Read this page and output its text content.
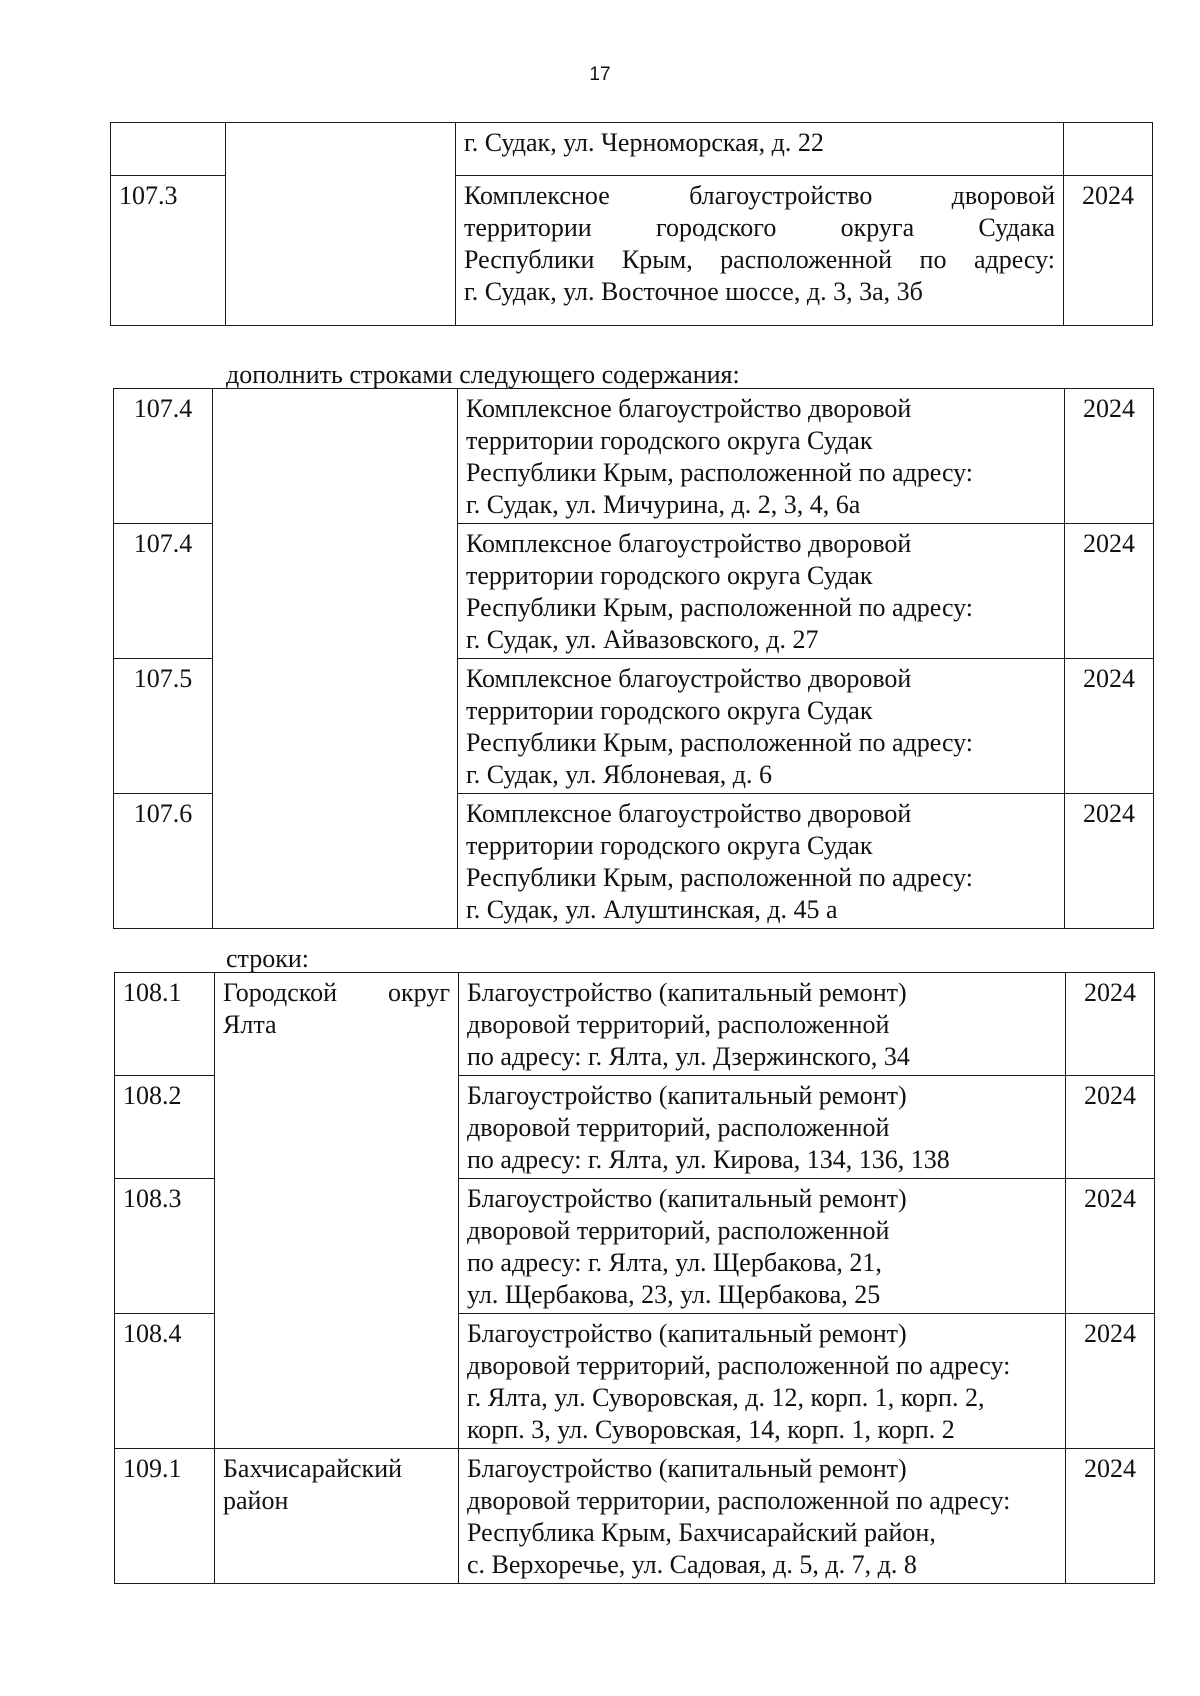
17

		г. Судак, ул. Черноморская, д. 22	

107.3		Комплексное благоустройство дворовой
территории городского округа Судака
Республики Крым, расположенной по адресу:
г. Судак, ул. Восточное шоссе, д. 3, 3а, 3б	2024
дополнить строками следующего содержания:
107.4		Комплексное благоустройство дворовой
территории городского округа Судак
Республики Крым, расположенной по адресу:
г. Судак, ул. Мичурина, д. 2, 3, 4, 6а	2024
107.4		Комплексное благоустройство дворовой
территории городского округа Судак
Республики Крым, расположенной по адресу:
г. Судак, ул. Айвазовского, д. 27	2024
107.5		Комплексное благоустройство дворовой
территории городского округа Судак
Республики Крым, расположенной по адресу:
г. Судак, ул. Яблоневая, д. 6	2024
107.6		Комплексное благоустройство дворовой
территории городского округа Судак
Республики Крым, расположенной по адресу:
г. Судак, ул. Алуштинская, д. 45 а	2024
строки:
108.1	Городской округ
Ялта	Благоустройство (капитальный ремонт)
дворовой территорий, расположенной
по адресу: г. Ялта, ул. Дзержинского, 34	2024
108.2		Благоустройство (капитальный ремонт)
дворовой территорий, расположенной
по адресу: г. Ялта, ул. Кирова, 134, 136, 138	2024
108.3		Благоустройство (капитальный ремонт)
дворовой территорий, расположенной
по адресу: г. Ялта, ул. Щербакова, 21,
ул. Щербакова, 23, ул. Щербакова, 25	2024
108.4		Благоустройство (капитальный ремонт)
дворовой территорий, расположенной по адресу:
г. Ялта, ул. Суворовская, д. 12, корп. 1, корп. 2,
корп. 3, ул. Суворовская, 14, корп. 1, корп. 2	2024
109.1	Бахчисарайский
район	Благоустройство (капитальный ремонт)
дворовой территории, расположенной по адресу:
Республика Крым, Бахчисарайский район,
с. Верхоречье, ул. Садовая, д. 5, д. 7, д. 8	2024
